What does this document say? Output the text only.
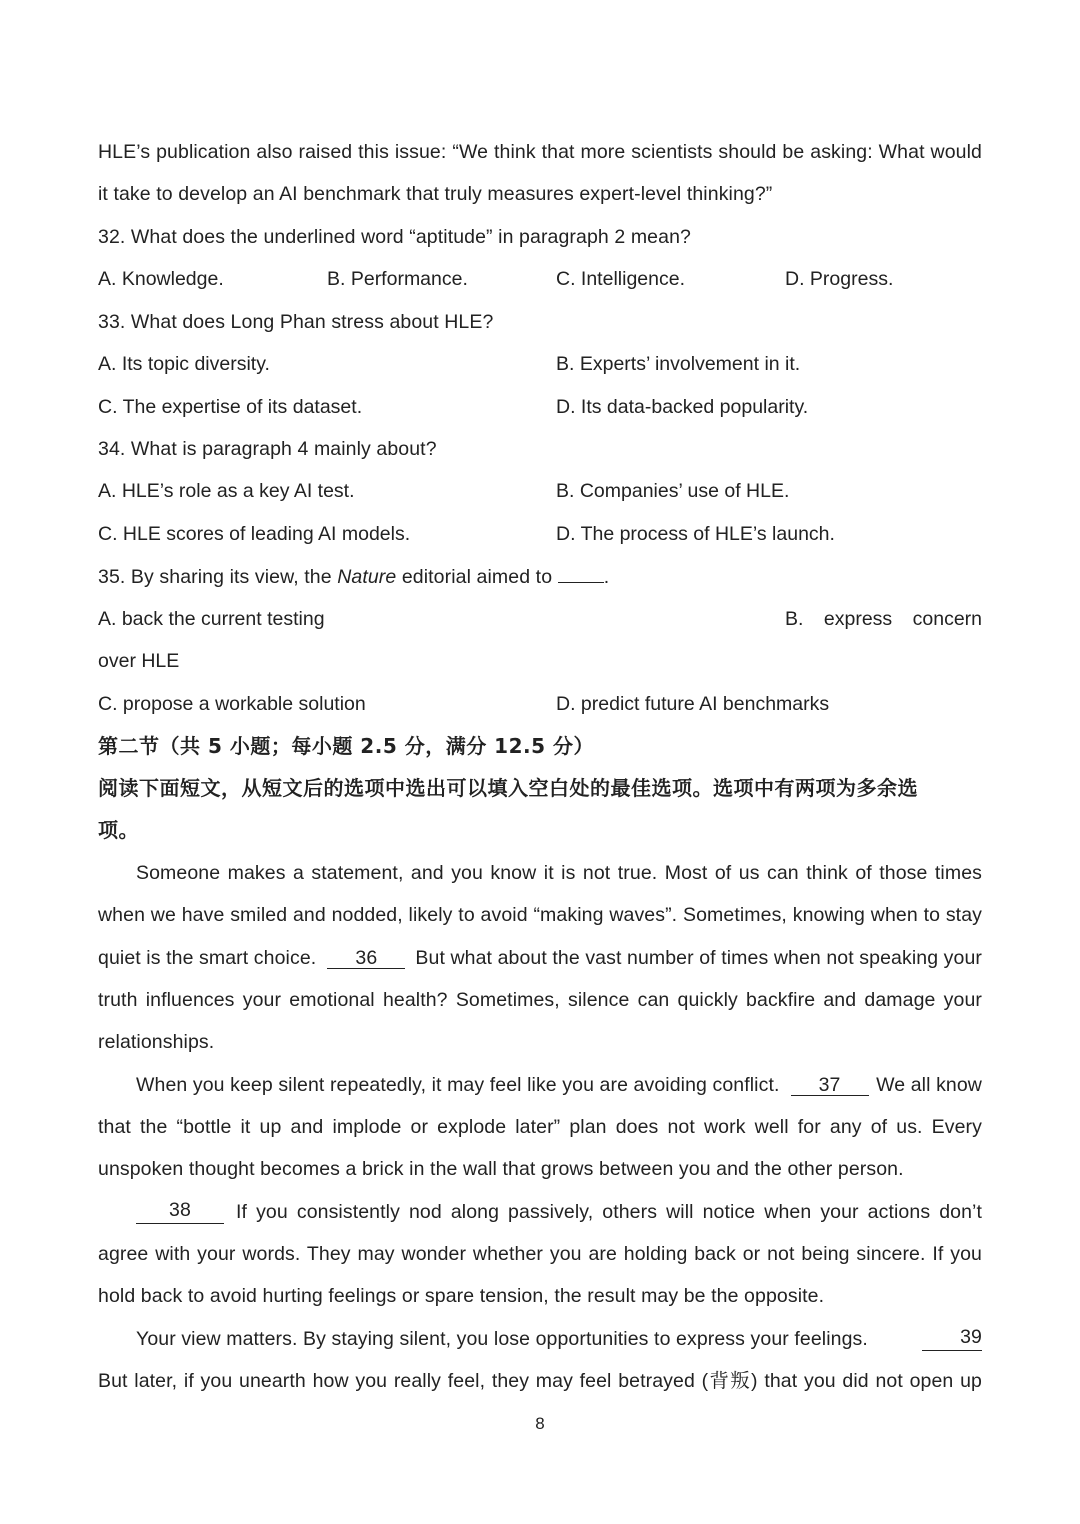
HLE’s publication also raised this issue: “We think that more scientists should be asking: What would
it take to develop an AI benchmark that truly measures expert-level thinking?”
32. What does the underlined word “aptitude” in paragraph 2 mean?
A. Knowledge.	B. Performance.	C. Intelligence.	D. Progress.
33. What does Long Phan stress about HLE?
A. Its topic diversity.	B. Experts’ involvement in it.
C. The expertise of its dataset.	D. Its data-backed popularity.
34. What is paragraph 4 mainly about?
A. HLE’s role as a key AI test.	B. Companies’ use of HLE.
C. HLE scores of leading AI models.	D. The process of HLE’s launch.
35. By sharing its view, the Nature editorial aimed to	.
A. back the current testing	B. express concern
over HLE
C. propose a workable solution	D. predict future AI benchmarks
第二节（共 5 小题；每小题 2.5 分，满分 12.5 分）
阅读下面短文，从短文后的选项中选出可以填入空白处的最佳选项。选项中有两项为多余选
项。
Someone makes a statement, and you know it is not true. Most of us can think of those times
when we have smiled and nodded, likely to avoid “making waves”. Sometimes, knowing when to stay
quiet is the smart choice. 36	But what about the vast number of times when not speaking your
truth influences your emotional health? Sometimes, silence can quickly backfire and damage your
relationships.
When you keep silent repeatedly, it may feel like you are avoiding conflict. 37	We all know
that the “bottle it up and implode or explode later” plan does not work well for any of us. Every
unspoken thought becomes a brick in the wall that grows between you and the other person.
38	If you consistently nod along passively, others will notice when your actions don’t
agree with your words. They may wonder whether you are holding back or not being sincere. If you
hold back to avoid hurting feelings or spare tension, the result may be the opposite.
Your view matters. By staying silent, you lose opportunities to express your feelings.	39
But later, if you unearth how you really feel, they may feel betrayed (背叛) that you did not open up
8
